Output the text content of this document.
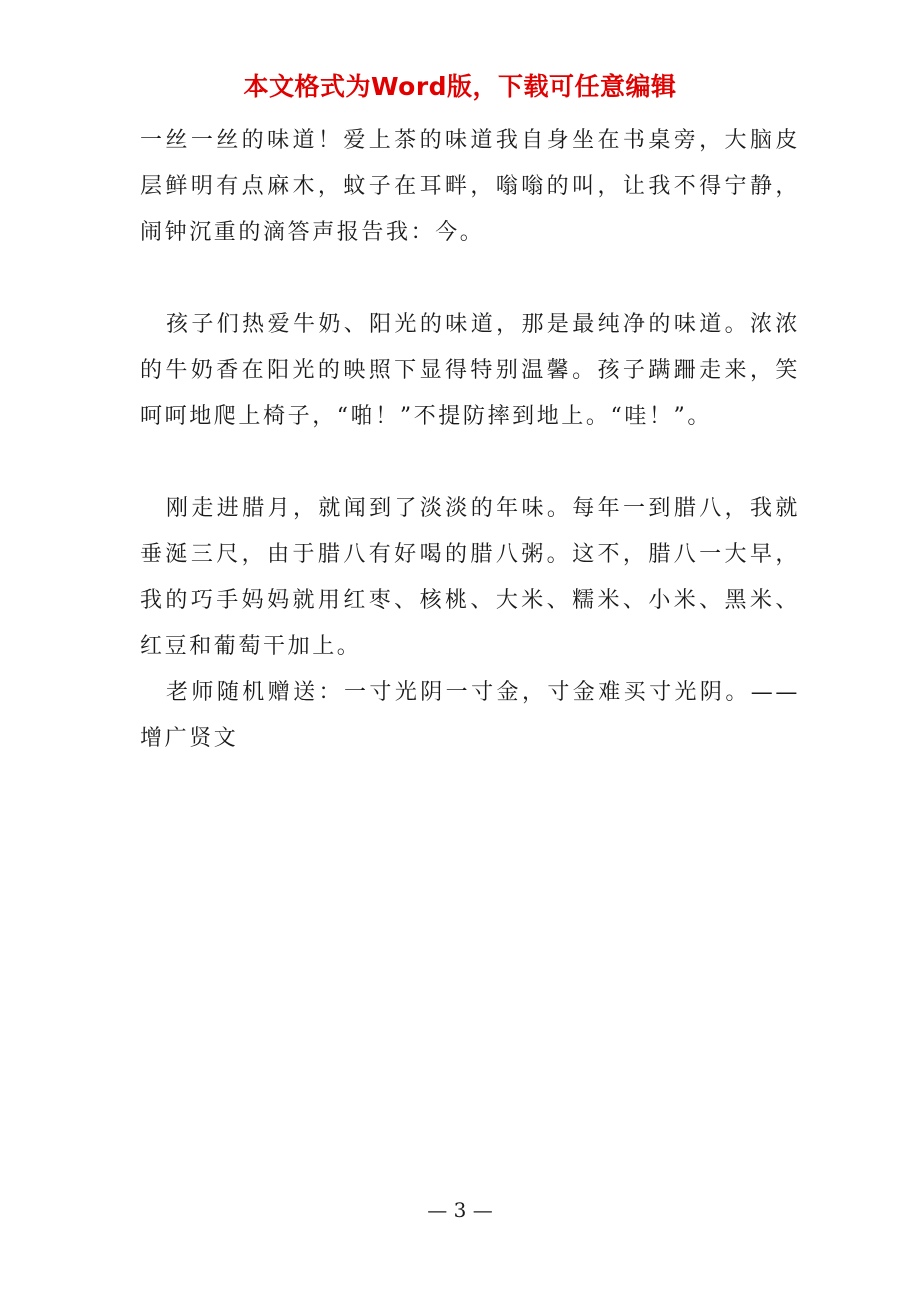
本文格式为Word版，下载可任意编辑

一丝一丝的味道！爱上茶的味道我自身坐在书桌旁，大脑皮层鲜明有点麻木，蚊子在耳畔，嗡嗡的叫，让我不得宁静，闹钟沉重的滴答声报告我：今。

孩子们热爱牛奶、阳光的味道，那是最纯净的味道。浓浓的牛奶香在阳光的映照下显得特别温馨。孩子蹒跚走来，笑呵呵地爬上椅子，“啪！”不提防摔到地上。“哇！”。

刚走进腊月，就闻到了淡淡的年味。每年一到腊八，我就垂涎三尺，由于腊八有好喝的腊八粥。这不，腊八一大早，我的巧手妈妈就用红枣、核桃、大米、糯米、小米、黑米、红豆和葡萄干加上。

老师随机赠送：一寸光阴一寸金，寸金难买寸光阴。——增广贤文

— 3 —
